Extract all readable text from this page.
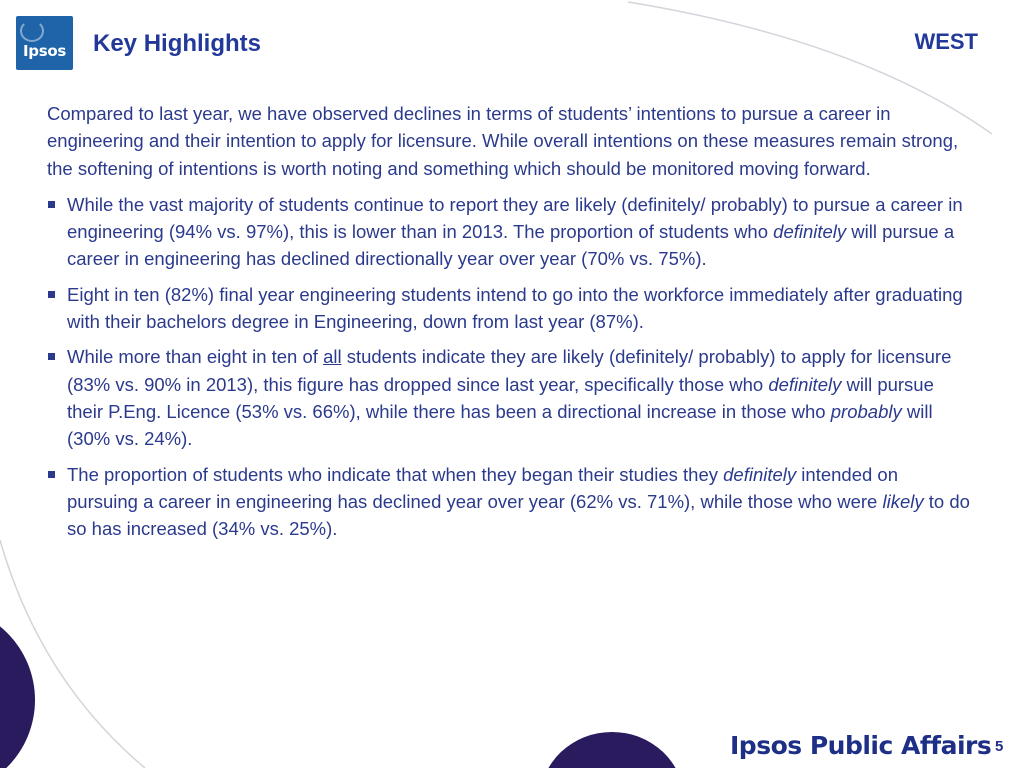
Ipsos Key Highlights	WEST

Compared to last year, we have observed declines in terms of students’ intentions to pursue a career in engineering and their intention to apply for licensure. While overall intentions on these measures remain strong, the softening of intentions is worth noting and something which should be monitored moving forward.

While the vast majority of students continue to report they are likely (definitely/ probably) to pursue a career in engineering (94% vs. 97%), this is lower than in 2013. The proportion of students who definitely will pursue a career in engineering has declined directionally year over year (70% vs. 75%).
Eight in ten (82%) final year engineering students intend to go into the workforce immediately after graduating with their bachelors degree in Engineering, down from last year (87%).
While more than eight in ten of all students indicate they are likely (definitely/ probably) to apply for licensure (83% vs. 90% in 2013), this figure has dropped since last year, specifically those who definitely will pursue their P.Eng. Licence (53% vs. 66%), while there has been a directional increase in those who probably will (30% vs. 24%).
The proportion of students who indicate that when they began their studies they definitely intended on pursuing a career in engineering has declined year over year (62% vs. 71%), while those who were likely to do so has increased (34% vs. 25%).
Ipsos Public Affairs 5
